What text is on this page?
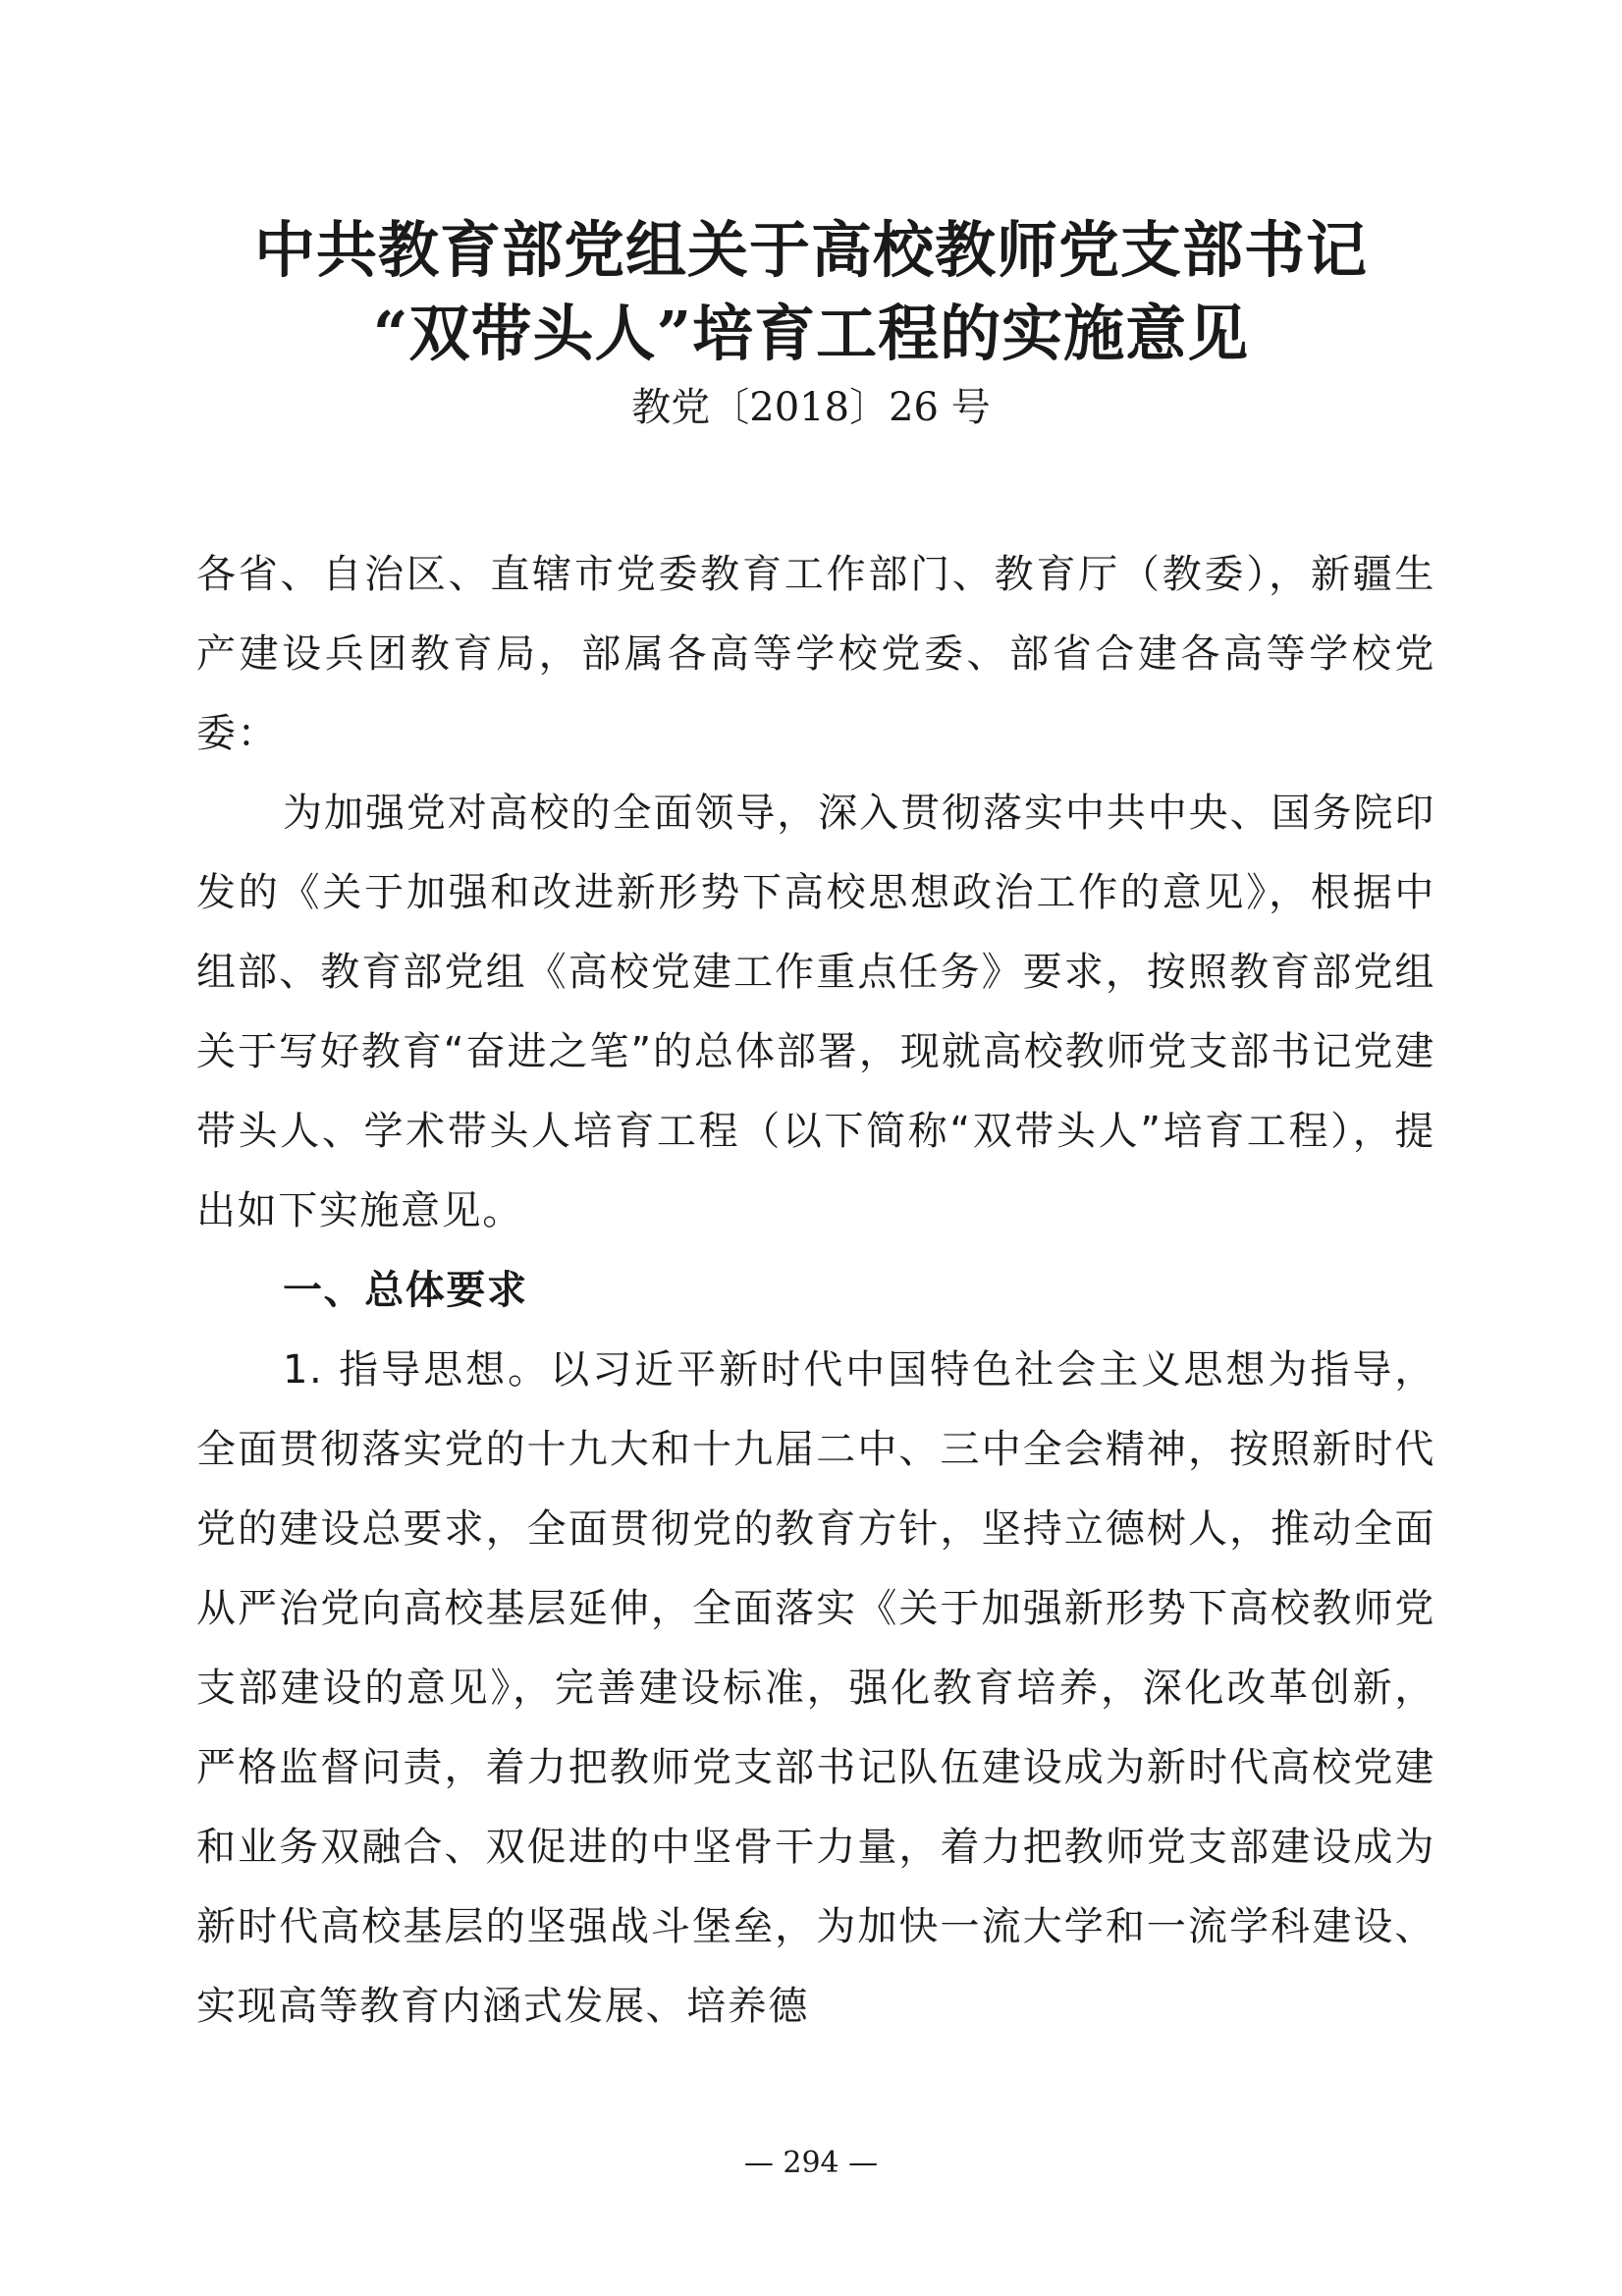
中共教育部党组关于高校教师党支部书记
“双带头人”培育工程的实施意见
教党〔2018〕26 号

各省、自治区、直辖市党委教育工作部门、教育厅（教委），新疆生产建设兵团教育局，部属各高等学校党委、部省合建各高等学校党委：

为加强党对高校的全面领导，深入贯彻落实中共中央、国务院印发的《关于加强和改进新形势下高校思想政治工作的意见》，根据中组部、教育部党组《高校党建工作重点任务》要求，按照教育部党组关于写好教育“奋进之笔”的总体部署，现就高校教师党支部书记党建带头人、学术带头人培育工程（以下简称“双带头人”培育工程），提出如下实施意见。

一、总体要求

1. 指导思想。以习近平新时代中国特色社会主义思想为指导，全面贯彻落实党的十九大和十九届二中、三中全会精神，按照新时代党的建设总要求，全面贯彻党的教育方针，坚持立德树人，推动全面从严治党向高校基层延伸，全面落实《关于加强新形势下高校教师党支部建设的意见》，完善建设标准，强化教育培养，深化改革创新，严格监督问责，着力把教师党支部书记队伍建设成为新时代高校党建和业务双融合、双促进的中坚骨干力量，着力把教师党支部建设成为新时代高校基层的坚强战斗堡垒，为加快一流大学和一流学科建设、实现高等教育内涵式发展、培养德

— 294 —
